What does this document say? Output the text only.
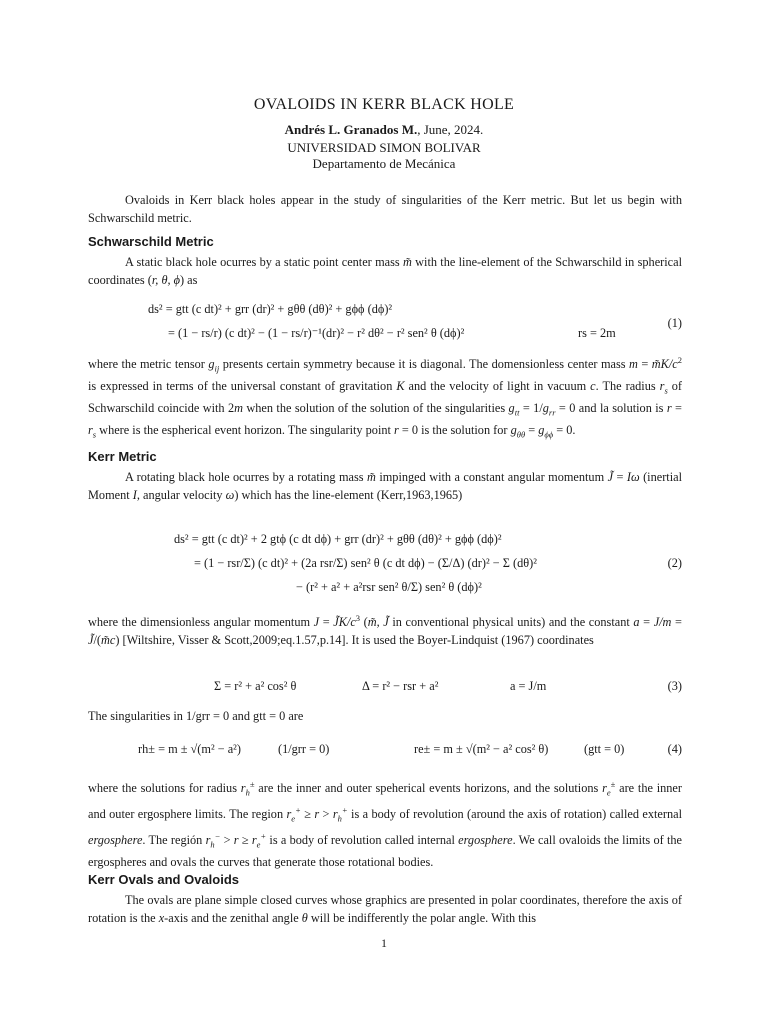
OVALOIDS IN KERR BLACK HOLE
Andrés L. Granados M., June, 2024.
UNIVERSIDAD SIMON BOLIVAR
Departamento de Mecánica

Ovaloids in Kerr black holes appear in the study of singularities of the Kerr metric. But let us begin with Schwarschild metric.

Schwarschild Metric

A static black hole ocurres by a static point center mass m̃ with the line-element of the Schwarschild in spherical coordinates (r, θ, ϕ) as

ds² = gtt (c dt)² + grr (dr)² + gθθ (dθ)² + gϕϕ (dϕ)²
= (1 − rs/r) (c dt)² − (1 − rs/r)⁻¹(dr)² − r² dθ² − r² sen² θ (dϕ)²	rs = 2m
(1)

where the metric tensor $g_{ij}$ presents certain symmetry because it is diagonal. The domensionless center mass $m = m̃K/c^2$ is expressed in terms of the universal constant of gravitation K and the velocity of light in vacuum c. The radius $r_s$ of Schwarschild coincide with 2m when the solution of the solution of the singularities $g_{tt} = 1/g_{rr} = 0$ and la solution is $r = r_s$ where is the espherical event horizon. The singularity point r = 0 is the solution for $g_{\theta\theta} = g_{\phi\phi} = 0$.

Kerr Metric

A rotating black hole ocurres by a rotating mass m̃ impinged with a constant angular momentum J̃ = Iω (inertial Moment I, angular velocity ω) which has the line-element (Kerr,1963,1965)

ds² = gtt (c dt)² + 2 gtϕ (c dt dϕ) + grr (dr)² + gθθ (dθ)² + gϕϕ (dϕ)²
= (1 − rsr/Σ) (c dt)² + (2a rsr/Σ) sen² θ (c dt dϕ) − (Σ/Δ) (dr)² − Σ (dθ)²
− (r² + a² + a²rsr sen² θ/Σ) sen² θ (dϕ)²
(2)

where the dimensionless angular momentum $J = J̃K/c^3$ (m̃, J̃ in conventional physical units) and the constant a = J/m = J̃/(m̃c) [Wiltshire, Visser & Scott,2009;eq.1.57,p.14]. It is used the Boyer-Lindquist (1967) coordinates

Σ = r² + a² cos² θ	Δ = r² − rsr + a²	a = J/m	(3)

The singularities in 1/grr = 0 and gtt = 0 are

rh± = m ± √(m² − a²)	(1/grr = 0)	re± = m ± √(m² − a² cos² θ)	(gtt = 0)	(4)

where the solutions for radius $r_h^\pm$ are the inner and outer speherical events horizons, and the solutions $r_e^\pm$ are the inner and outer ergosphere limits. The region $r_e^+ \ge r > r_h^+$ is a body of revolution (around the axis of rotation) called external ergosphere. The región $r_h^- > r \ge r_e^+$ is a body of revolution called internal ergosphere. We call ovaloids the limits of the ergospheres and ovals the curves that generate those rotational bodies.

Kerr Ovals and Ovaloids

The ovals are plane simple closed curves whose graphics are presented in polar coordinates, therefore the axis of rotation is the x-axis and the zenithal angle θ will be indifferently the polar angle. With this

1
